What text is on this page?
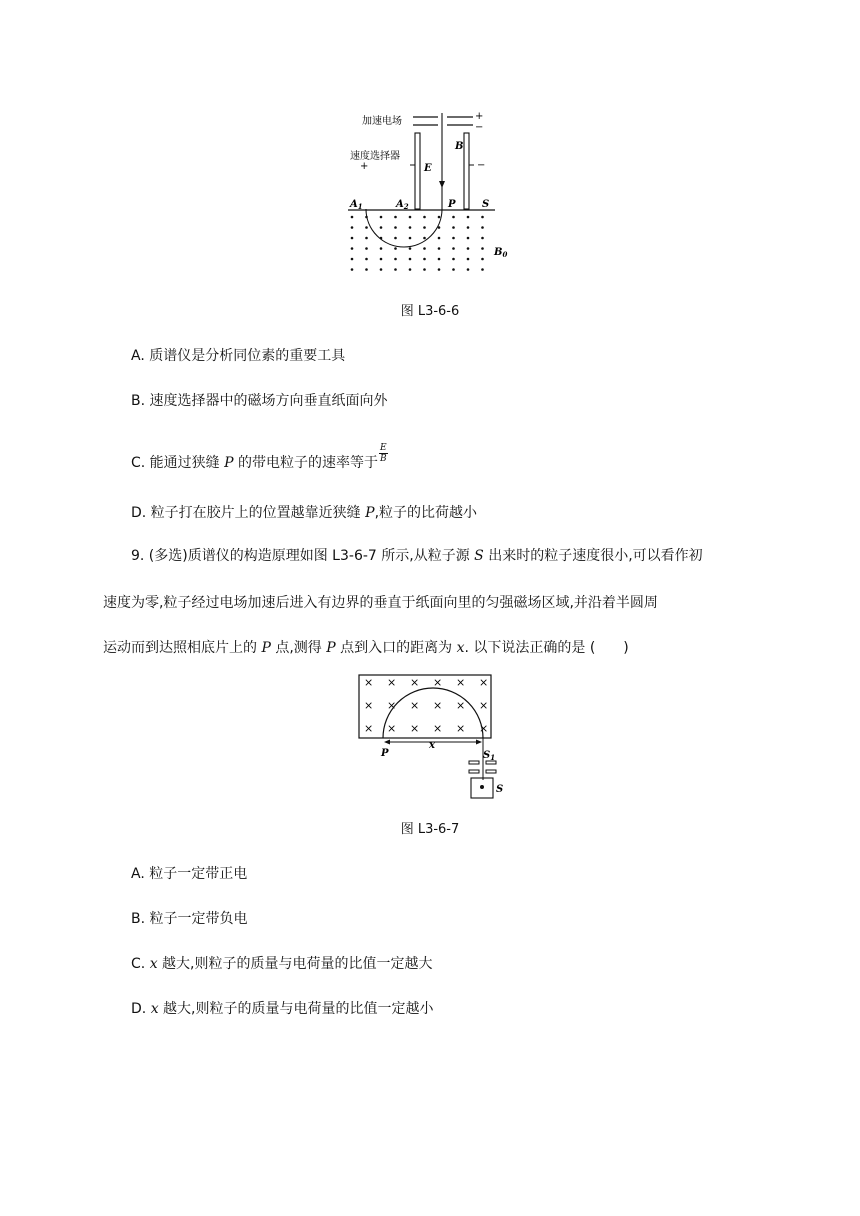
加速电场
速度选择器
+
−
+	−
E
B
$A_1$	$A_2$	P	S
$B_0$
图 L3-6-6
A. 质谱仪是分析同位素的重要工具
B. 速度选择器中的磁场方向垂直纸面向外
C. 能通过狭缝 P 的带电粒子的速率等于 $\frac{E}{B}$
D. 粒子打在胶片上的位置越靠近狭缝 P,粒子的比荷越小
9. (多选)质谱仪的构造原理如图 L3-6-7 所示,从粒子源 S 出来时的粒子速度很小,可以看作初
速度为零,粒子经过电场加速后进入有边界的垂直于纸面向里的匀强磁场区域,并沿着半圆周
运动而到达照相底片上的 P 点,测得 P 点到入口的距离为 x. 以下说法正确的是 (　　)
× × × × × ×
× × × × × ×
× × × × × ×
x
P	$S_1$
S
图 L3-6-7
A. 粒子一定带正电
B. 粒子一定带负电
C. x 越大,则粒子的质量与电荷量的比值一定越大
D. x 越大,则粒子的质量与电荷量的比值一定越小
